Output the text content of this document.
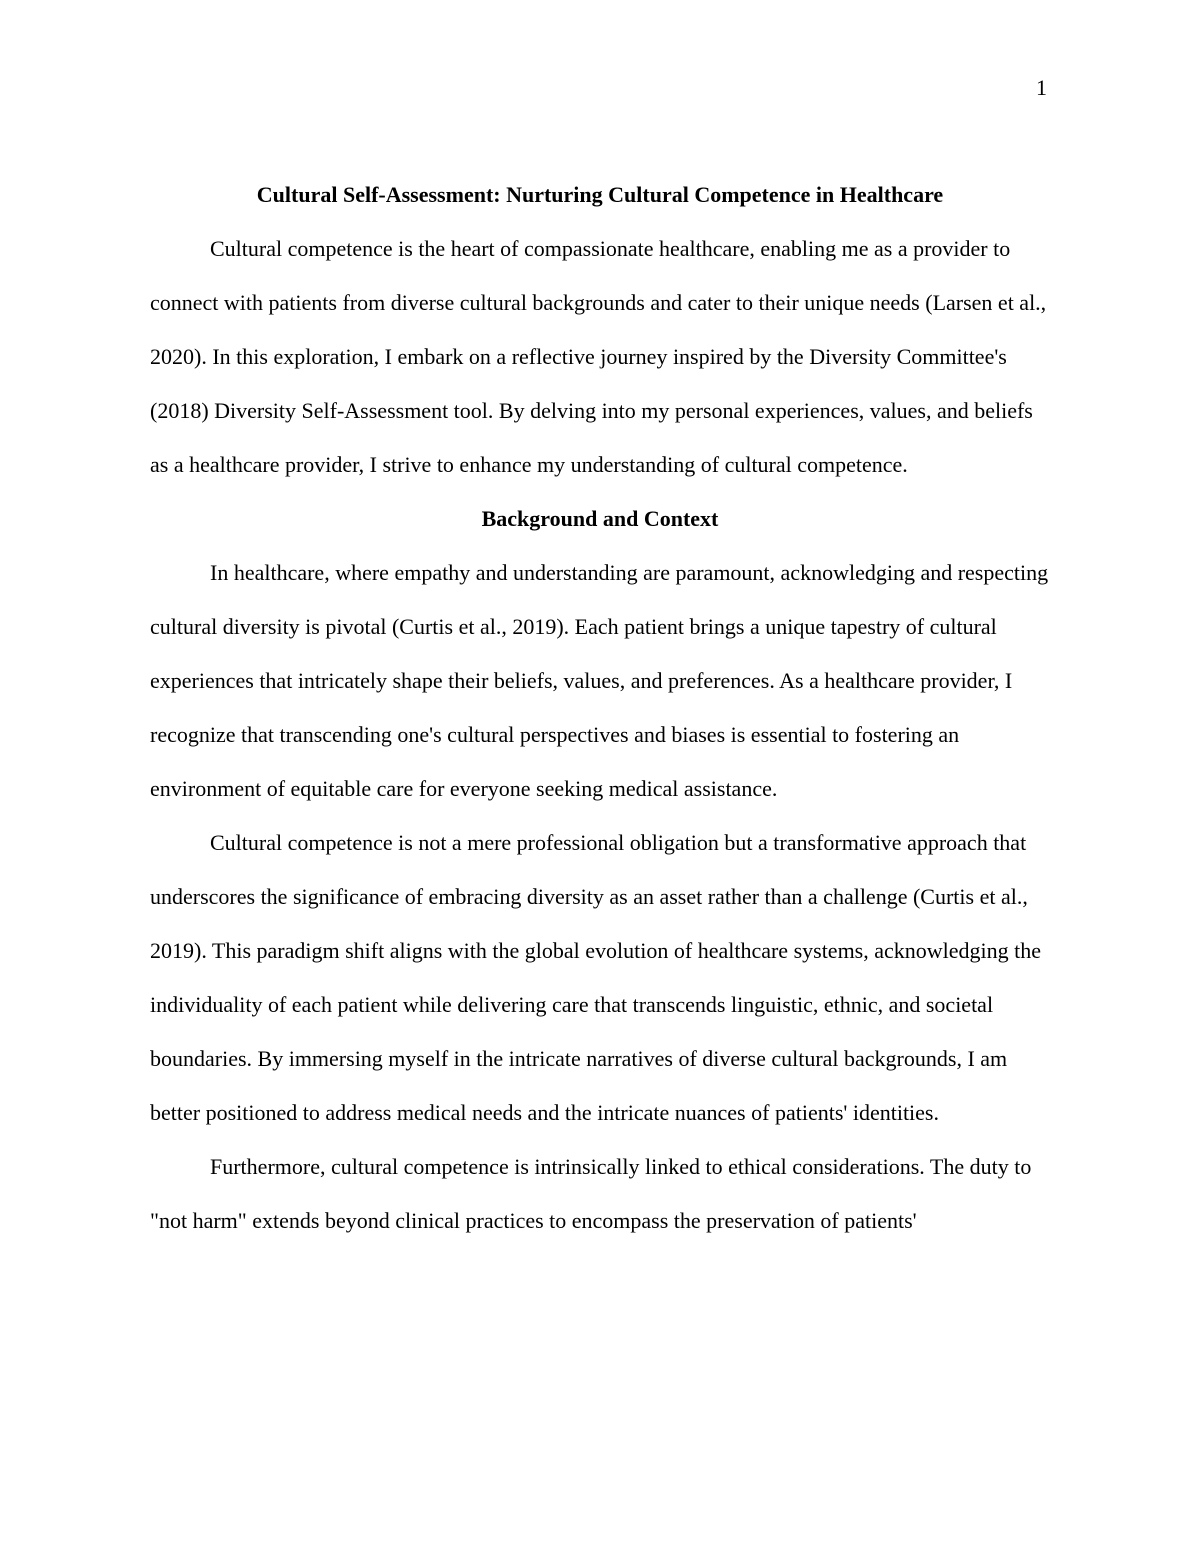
1

Cultural Self-Assessment: Nurturing Cultural Competence in Healthcare

Cultural competence is the heart of compassionate healthcare, enabling me as a provider to connect with patients from diverse cultural backgrounds and cater to their unique needs (Larsen et al., 2020). In this exploration, I embark on a reflective journey inspired by the Diversity Committee's (2018) Diversity Self-Assessment tool. By delving into my personal experiences, values, and beliefs as a healthcare provider, I strive to enhance my understanding of cultural competence.

Background and Context

In healthcare, where empathy and understanding are paramount, acknowledging and respecting cultural diversity is pivotal (Curtis et al., 2019). Each patient brings a unique tapestry of cultural experiences that intricately shape their beliefs, values, and preferences. As a healthcare provider, I recognize that transcending one's cultural perspectives and biases is essential to fostering an environment of equitable care for everyone seeking medical assistance.

Cultural competence is not a mere professional obligation but a transformative approach that underscores the significance of embracing diversity as an asset rather than a challenge (Curtis et al., 2019). This paradigm shift aligns with the global evolution of healthcare systems, acknowledging the individuality of each patient while delivering care that transcends linguistic, ethnic, and societal boundaries. By immersing myself in the intricate narratives of diverse cultural backgrounds, I am better positioned to address medical needs and the intricate nuances of patients' identities.

Furthermore, cultural competence is intrinsically linked to ethical considerations. The duty to "not harm" extends beyond clinical practices to encompass the preservation of patients'
